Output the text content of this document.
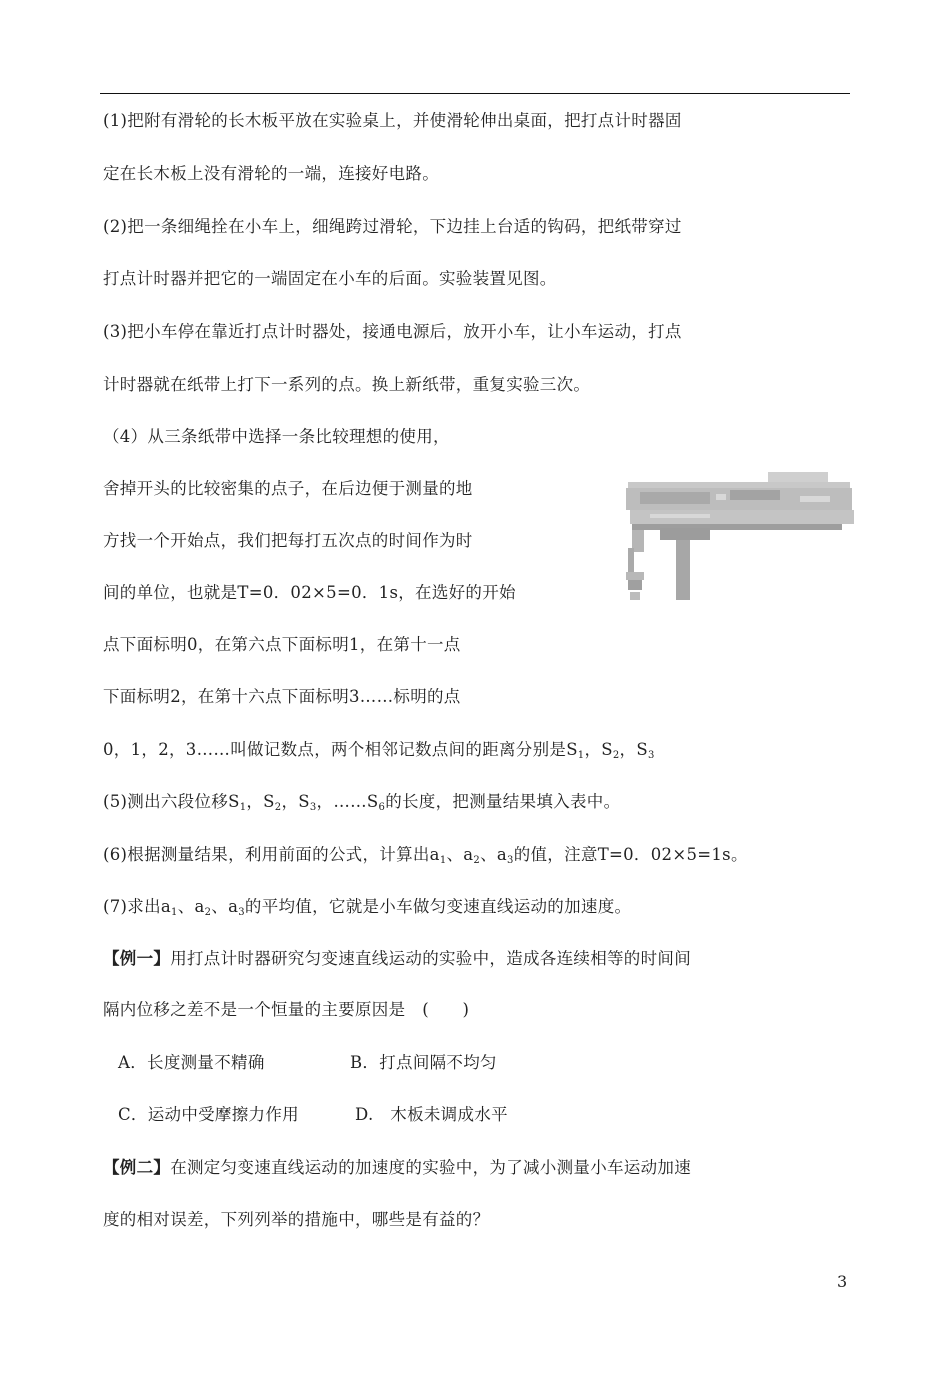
(1)把附有滑轮的长木板平放在实验桌上，并使滑轮伸出桌面，把打点计时器固
定在长木板上没有滑轮的一端，连接好电路。
(2)把一条细绳拴在小车上，细绳跨过滑轮，下边挂上台适的钩码，把纸带穿过
打点计时器并把它的一端固定在小车的后面。实验装置见图。
(3)把小车停在靠近打点计时器处，接通电源后，放开小车，让小车运动，打点
计时器就在纸带上打下一系列的点。换上新纸带，重复实验三次。
（4）从三条纸带中选择一条比较理想的使用，
舍掉开头的比较密集的点子，在后边便于测量的地
方找一个开始点，我们把每打五次点的时间作为时
间的单位，也就是T=0．02×5=0．1s，在选好的开始
点下面标明0，在第六点下面标明1，在第十一点
下面标明2，在第十六点下面标明3……标明的点
0，1，2，3……叫做记数点，两个相邻记数点间的距离分别是$S_1$，$S_2$，$S_3$
(5)测出六段位移$S_1$，$S_2$，$S_3$，$\dots\dots S_6$的长度，把测量结果填入表中。
(6)根据测量结果，利用前面的公式，计算出$a_1$、$a_2$、$a_3$的值，注意T=0．02×5=1s。
(7)求出$a_1$、$a_2$、$a_3$的平均值，它就是小车做匀变速直线运动的加速度。
【例一】用打点计时器研究匀变速直线运动的实验中，造成各连续相等的时间间
隔内位移之差不是一个恒量的主要原因是　(　　)
A．长度测量不精确	B．打点间隔不均匀
C．运动中受摩擦力作用	D.　木板未调成水平
【例二】在测定匀变速直线运动的加速度的实验中，为了减小测量小车运动加速
度的相对误差，下列列举的措施中，哪些是有益的？
3
